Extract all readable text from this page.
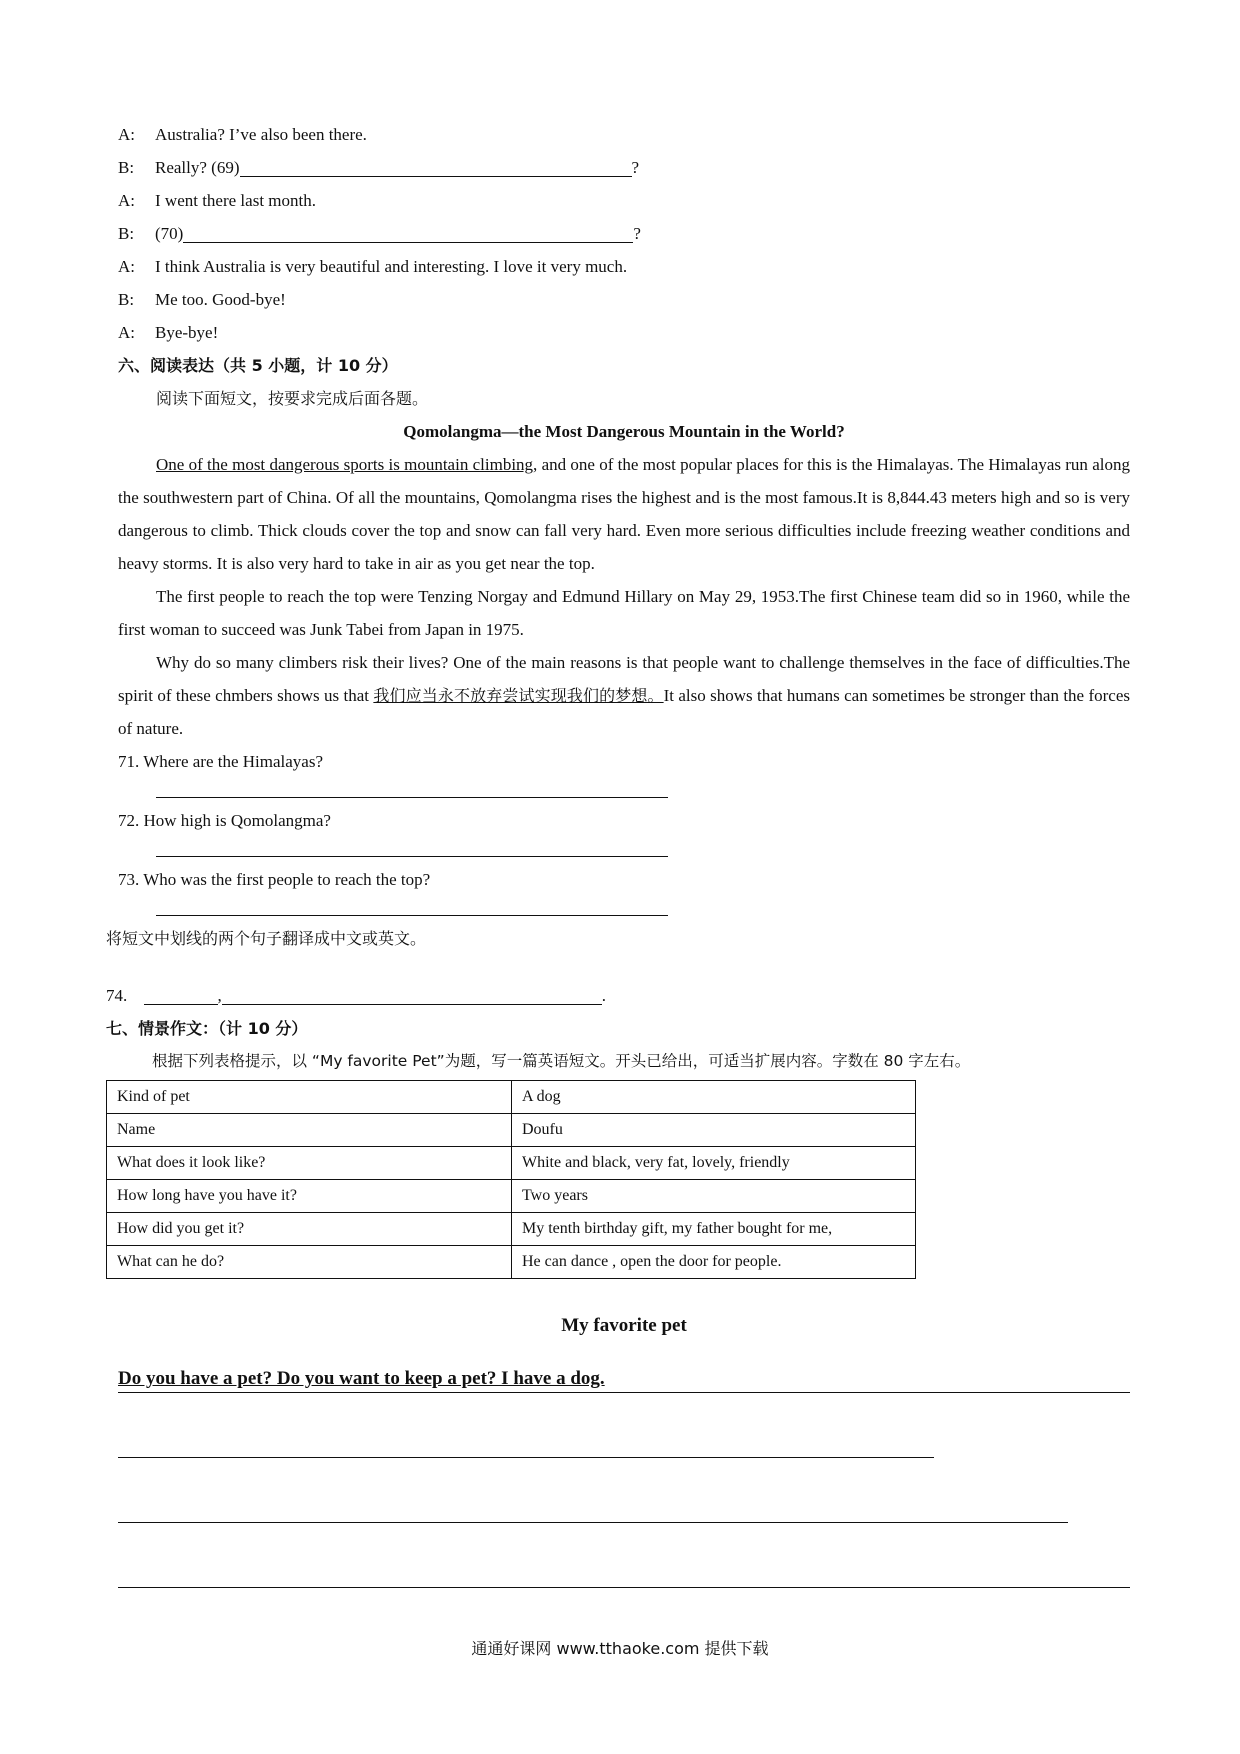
A: Australia? I’ve also been there.
B: Really? (69)	?
A: I went there last month.
B: (70)	?
A: I think Australia is very beautiful and interesting. I love it very much.
B: Me too. Good-bye!
A: Bye-bye!
六、阅读表达（共 5 小题，计 10 分）
阅读下面短文，按要求完成后面各题。
Qomolangma—the Most Dangerous Mountain in the World?

One of the most dangerous sports is mountain climbing, and one of the most popular places for this is the Himalayas. The Himalayas run along the southwestern part of China. Of all the mountains, Qomolangma rises the highest and is the most famous.It is 8,844.43 meters high and so is very dangerous to climb. Thick clouds cover the top and snow can fall very hard. Even more serious difficulties include freezing weather conditions and heavy storms. It is also very hard to take in air as you get near the top.

The first people to reach the top were Tenzing Norgay and Edmund Hillary on May 29, 1953.The first Chinese team did so in 1960, while the first woman to succeed was Junk Tabei from Japan in 1975.

Why do so many climbers risk their lives? One of the main reasons is that people want to challenge themselves in the face of difficulties.The spirit of these chmbers shows us that 我们应当永不放弃尝试实现我们的梦想。It also shows that humans can sometimes be stronger than the forces of nature.

71. Where are the Himalayas?
72. How high is Qomolangma?
73. Who was the first people to reach the top?
将短文中划线的两个句子翻译成中文或英文。
74.	,	.
七、情景作文：（计 10 分）
根据下列表格提示，以 “My favorite Pet”为题，写一篇英语短文。开头已给出，可适当扩展内容。字数在 80 字左右。
Kind of pet	A dog
Name	Doufu
What does it look like?	White and black, very fat, lovely, friendly
How long have you have it?	Two years
How did you get it?	My tenth birthday gift, my father bought for me,
What can he do?	He can dance , open the door for people.
My favorite pet
Do you have a pet? Do you want to keep a pet? I have a dog.
通通好课网 www.tthaoke.com 提供下载
